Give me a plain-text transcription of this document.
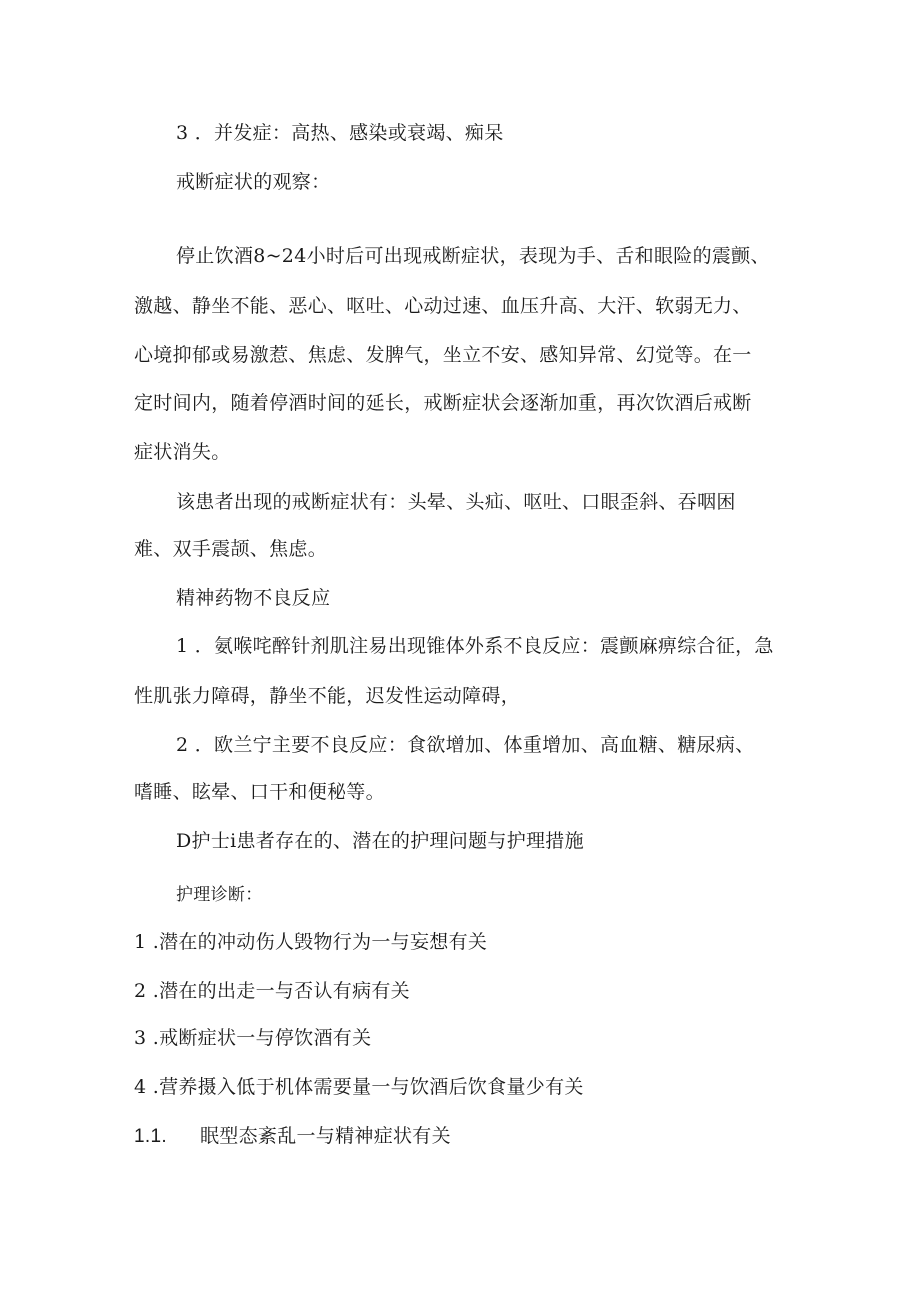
3 ．并发症：高热、感染或衰竭、痴呆
戒断症状的观察：
停止饮酒8~24小时后可出现戒断症状，表现为手、舌和眼险的震颤、
激越、静坐不能、恶心、呕吐、心动过速、血压升高、大汗、软弱无力、
心境抑郁或易激惹、焦虑、发脾气，坐立不安、感知异常、幻觉等。在一
定时间内，随着停酒时间的延长，戒断症状会逐渐加重，再次饮酒后戒断
症状消失。
该患者出现的戒断症状有：头晕、头疝、呕吐、口眼歪斜、吞咽困
难、双手震颉、焦虑。
精神药物不良反应
1 ．氨喉咤醉针剂肌注易出现锥体外系不良反应：震颤麻痹综合征，急
性肌张力障碍，静坐不能，迟发性运动障碍，
2 ．欧兰宁主要不良反应：食欲增加、体重增加、高血糖、糖尿病、
嗜睡、眩晕、口干和便秘等。
D护士i患者存在的、潜在的护理问题与护理措施
护理诊断：
1 .潜在的冲动伤人毁物行为一与妄想有关
2 .潜在的出走一与否认有病有关
3 .戒断症状一与停饮酒有关
4 .营养摄入低于机体需要量一与饮酒后饮食量少有关
1.1. 眠型态紊乱一与精神症状有关
